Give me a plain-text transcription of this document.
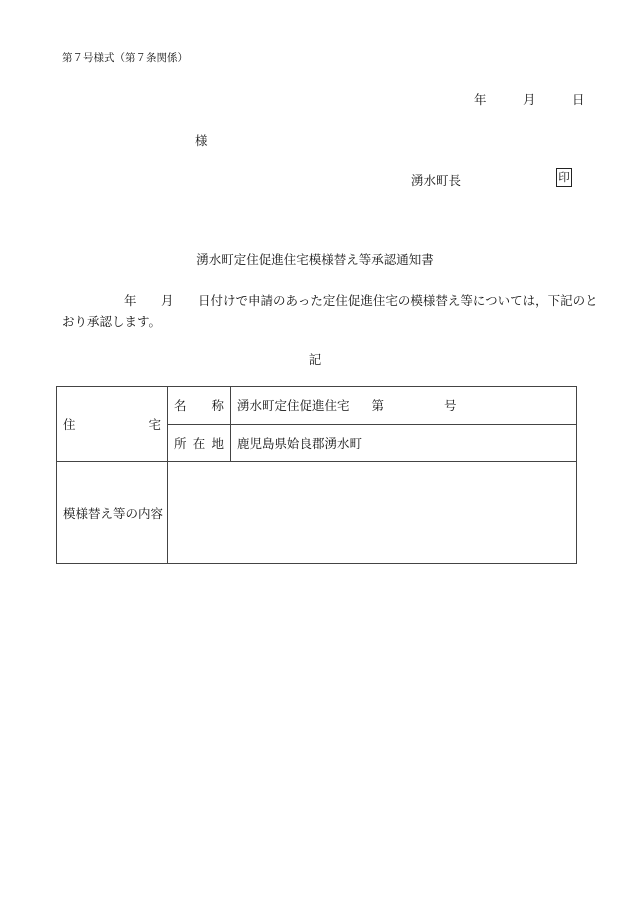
第７号様式（第７条関係）
年	月	日
様
湧水町長	印
湧水町定住促進住宅模様替え等承認通知書
年 月 日付けで申請のあった定住促進住宅の模様替え等については，下記のと
おり承認します。
記
住 宅	名 称	湧水町定住促進住宅 第 号

	所 在 地	鹿児島県姶良郡湧水町

模様替え等の内容		
